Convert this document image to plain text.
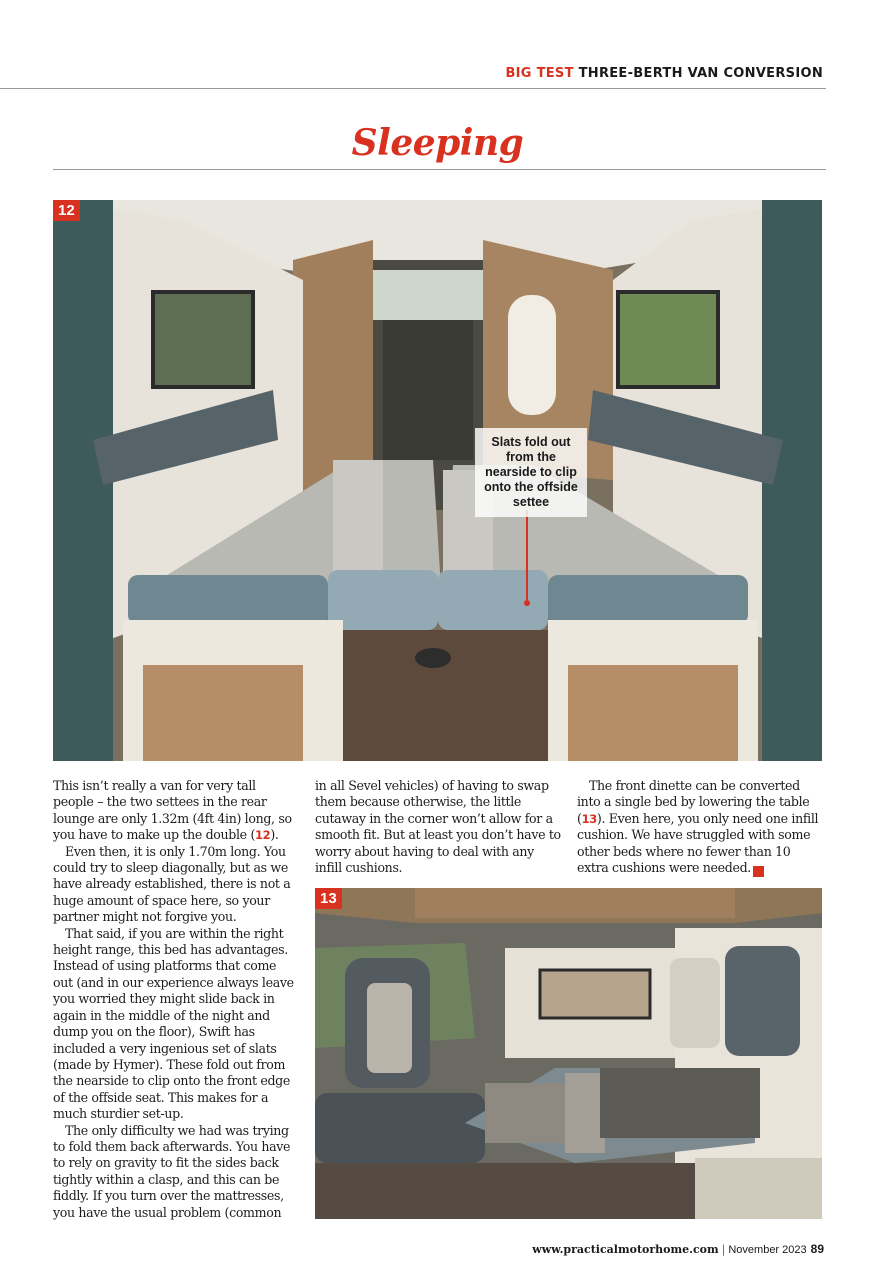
BIG TEST THREE-BERTH VAN CONVERSION
Sleeping
12
Slats fold out from the nearside to clip onto the offside settee

This isn’t really a van for very tall people – the two settees in the rear lounge are only 1.32m (4ft 4in) long, so you have to make up the double (12).

Even then, it is only 1.70m long. You could try to sleep diagonally, but as we have already established, there is not a huge amount of space here, so your partner might not forgive you.

That said, if you are within the right height range, this bed has advantages. Instead of using platforms that come out (and in our experience always leave you worried they might slide back in again in the middle of the night and dump you on the floor), Swift has included a very ingenious set of slats (made by Hymer). These fold out from the nearside to clip onto the front edge of the offside seat. This makes for a much sturdier set-up.

The only difficulty we had was trying to fold them back afterwards. You have to rely on gravity to fit the sides back tightly within a clasp, and this can be fiddly. If you turn over the mattresses, you have the usual problem (common

in all Sevel vehicles) of having to swap them because otherwise, the little cutaway in the corner won’t allow for a smooth fit. But at least you don’t have to worry about having to deal with any infill cushions.

The front dinette can be converted into a single bed by lowering the table (13). Even here, you only need one infill cushion. We have struggled with some other beds where no fewer than 10 extra cushions were needed. ➔

13
www.practicalmotorhome.com | November 2023 89
